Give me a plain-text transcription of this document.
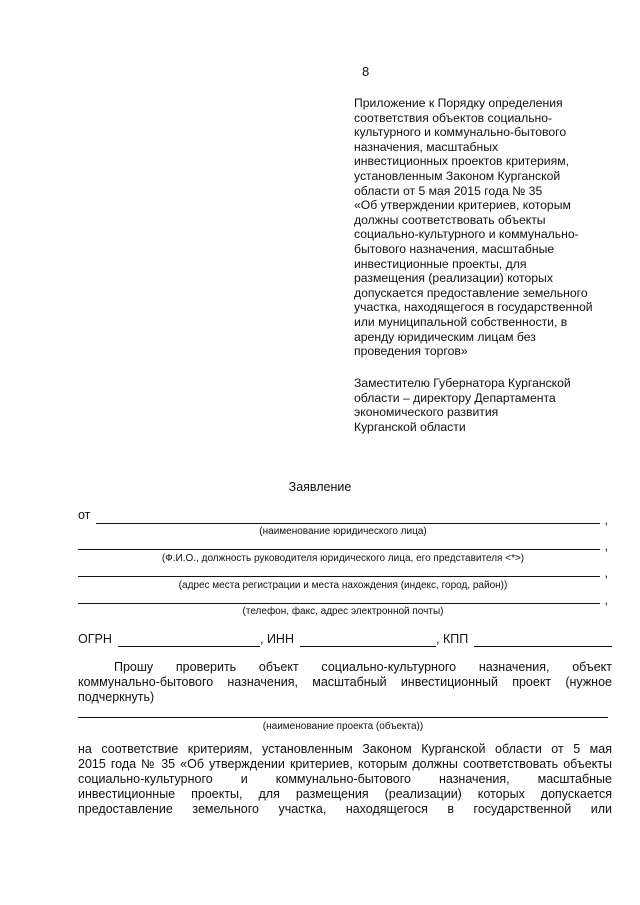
8
Приложение к Порядку определения
соответствия объектов социально-
культурного и коммунально-бытового
назначения, масштабных
инвестиционных проектов критериям,
установленным Законом Курганской
области от 5 мая 2015 года № 35
«Об утверждении критериев, которым
должны соответствовать объекты
социально-культурного и коммунально-
бытового назначения, масштабные
инвестиционные проекты, для
размещения (реализации) которых
допускается предоставление земельного
участка, находящегося в государственной
или муниципальной собственности, в
аренду юридическим лицам без
проведения торгов»
Заместителю Губернатора Курганской
области – директору Департамента
экономического развития
Курганской области
Заявление
от	,
(наименование юридического лица)
,
(Ф.И.О., должность руководителя юридического лица, его представителя <*>)
,
(адрес места регистрации и места нахождения (индекс, город, район))
,
(телефон, факс, адрес электронной почты)
ОГРН	, ИНН	, КПП
Прошу проверить объект социально-культурного назначения, объект
коммунально-бытового назначения, масштабный инвестиционный проект (нужное
подчеркнуть)
(наименование проекта (объекта))
на соответствие критериям, установленным Законом Курганской области от 5 мая
2015 года № 35 «Об утверждении критериев, которым должны соответствовать объекты
социально-культурного и коммунально-бытового назначения, масштабные
инвестиционные проекты, для размещения (реализации) которых допускается
предоставление земельного участка, находящегося в государственной или
